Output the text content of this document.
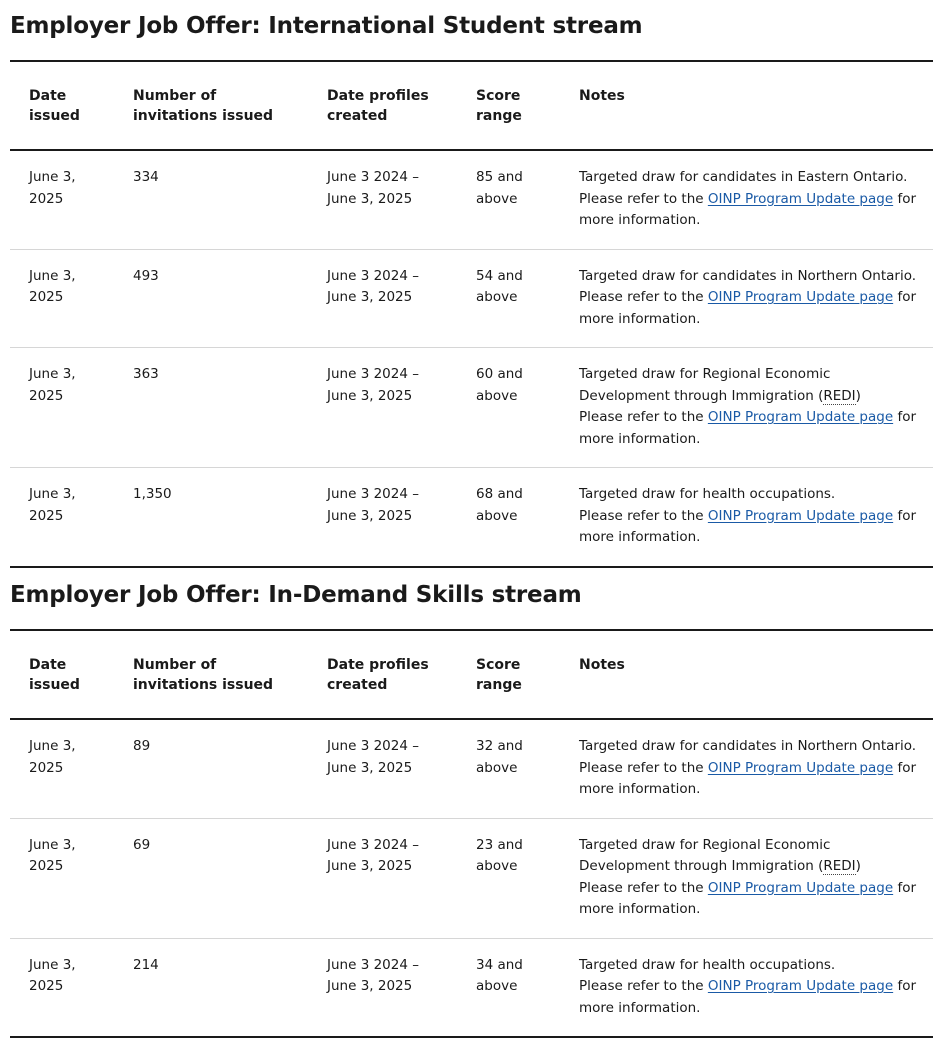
Employer Job Offer: International Student stream
Date issued	Number of invitations issued	Date profiles created	Score range	Notes
June 3, 2025	334	June 3 2024 – June 3, 2025	85 and above	Targeted draw for candidates in Eastern Ontario.
Please refer to the OINP Program Update page for more information.
June 3, 2025	493	June 3 2024 – June 3, 2025	54 and above	Targeted draw for candidates in Northern Ontario.
Please refer to the OINP Program Update page for more information.
June 3, 2025	363	June 3 2024 – June 3, 2025	60 and above	Targeted draw for Regional Economic Development through Immigration (REDI)
Please refer to the OINP Program Update page for more information.
June 3, 2025	1,350	June 3 2024 – June 3, 2025	68 and above	Targeted draw for health occupations.
Please refer to the OINP Program Update page for more information.
Employer Job Offer: In-Demand Skills stream
Date issued	Number of invitations issued	Date profiles created	Score range	Notes
June 3, 2025	89	June 3 2024 – June 3, 2025	32 and above	Targeted draw for candidates in Northern Ontario.
Please refer to the OINP Program Update page for more information.
June 3, 2025	69	June 3 2024 – June 3, 2025	23 and above	Targeted draw for Regional Economic Development through Immigration (REDI)
Please refer to the OINP Program Update page for more information.
June 3, 2025	214	June 3 2024 – June 3, 2025	34 and above	Targeted draw for health occupations.
Please refer to the OINP Program Update page for more information.
